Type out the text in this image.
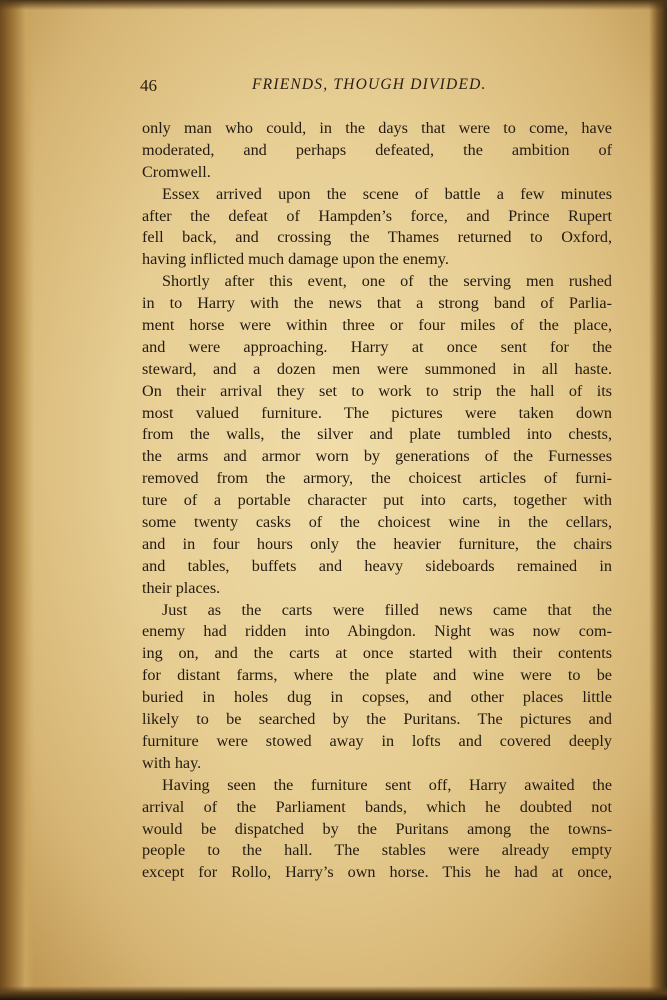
46	FRIENDS, THOUGH DIVIDED.
only man who could, in the days that were to come, have
moderated, and perhaps defeated, the ambition of
Cromwell.
Essex arrived upon the scene of battle a few minutes
after the defeat of Hampden’s force, and Prince Rupert
fell back, and crossing the Thames returned to Oxford,
having inflicted much damage upon the enemy.
Shortly after this event, one of the serving men rushed
in to Harry with the news that a strong band of Parlia-
ment horse were within three or four miles of the place,
and were approaching. Harry at once sent for the
steward, and a dozen men were summoned in all haste.
On their arrival they set to work to strip the hall of its
most valued furniture. The pictures were taken down
from the walls, the silver and plate tumbled into chests,
the arms and armor worn by generations of the Furnesses
removed from the armory, the choicest articles of furni-
ture of a portable character put into carts, together with
some twenty casks of the choicest wine in the cellars,
and in four hours only the heavier furniture, the chairs
and tables, buffets and heavy sideboards remained in
their places.
Just as the carts were filled news came that the
enemy had ridden into Abingdon. Night was now com-
ing on, and the carts at once started with their contents
for distant farms, where the plate and wine were to be
buried in holes dug in copses, and other places little
likely to be searched by the Puritans. The pictures and
furniture were stowed away in lofts and covered deeply
with hay.
Having seen the furniture sent off, Harry awaited the
arrival of the Parliament bands, which he doubted not
would be dispatched by the Puritans among the towns-
people to the hall. The stables were already empty
except for Rollo, Harry’s own horse. This he had at once,
